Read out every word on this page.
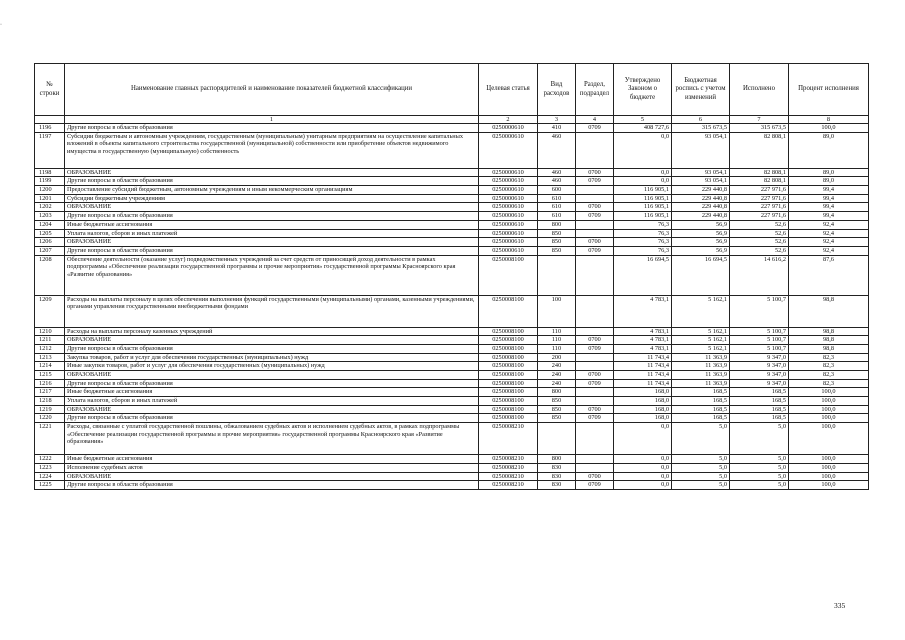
·
№ строки	Наименование главных распорядителей и наименование показателей бюджетной классификации	Целевая статья	Вид расходов	Раздел, подраздел	Утверждено Законом о бюджете	Бюджетная роспись с учетом изменений	Исполнено	Процент исполнения
	1	2	3	4	5	6	7	8
1196	Другие вопросы в области образования	0250000610	410	0709	408 727,6	315 673,5	315 673,5	100,0
1197	Субсидии бюджетным и автономным учреждениям, государственным (муниципальным) унитарным предприятиям на осуществление капитальных вложений в объекты капитального строительства государственной (муниципальной) собственности или приобретение объектов недвижимого имущества в государственную (муниципальную) собственность	0250000610	460		0,0	93 054,1	82 808,1	89,0
1198	ОБРАЗОВАНИЕ	0250000610	460	0700	0,0	93 054,1	82 808,1	89,0
1199	Другие вопросы в области образования	0250000610	460	0709	0,0	93 054,1	82 808,1	89,0
1200	Предоставление субсидий бюджетным, автономным учреждениям и иным некоммерческим организациям	0250000610	600		116 905,1	229 440,8	227 971,6	99,4
1201	Субсидии бюджетным учреждениям	0250000610	610		116 905,1	229 440,8	227 971,6	99,4
1202	ОБРАЗОВАНИЕ	0250000610	610	0700	116 905,1	229 440,8	227 971,6	99,4
1203	Другие вопросы в области образования	0250000610	610	0709	116 905,1	229 440,8	227 971,6	99,4
1204	Иные бюджетные ассигнования	0250000610	800		76,3	56,9	52,6	92,4
1205	Уплата налогов, сборов и иных платежей	0250000610	850		76,3	56,9	52,6	92,4
1206	ОБРАЗОВАНИЕ	0250000610	850	0700	76,3	56,9	52,6	92,4
1207	Другие вопросы в области образования	0250000610	850	0709	76,3	56,9	52,6	92,4
1208	Обеспечение деятельности (оказание услуг) подведомственных учреждений за счет средств от приносящей доход деятельности в рамках подпрограммы «Обеспечение реализации государственной программы и прочие мероприятия» государственной программы Красноярского края «Развитие образования»	0250008100			16 694,5	16 694,5	14 616,2	87,6
1209	Расходы на выплаты персоналу в целях обеспечения выполнения функций государственными (муниципальными) органами, казенными учреждениями, органами управления государственными внебюджетными фондами	0250008100	100		4 783,1	5 162,1	5 100,7	98,8
1210	Расходы на выплаты персоналу казенных учреждений	0250008100	110		4 783,1	5 162,1	5 100,7	98,8
1211	ОБРАЗОВАНИЕ	0250008100	110	0700	4 783,1	5 162,1	5 100,7	98,8
1212	Другие вопросы в области образования	0250008100	110	0709	4 783,1	5 162,1	5 100,7	98,8
1213	Закупка товаров, работ и услуг для обеспечения государственных (муниципальных) нужд	0250008100	200		11 743,4	11 363,9	9 347,0	82,3
1214	Иные закупки товаров, работ и услуг для обеспечения государственных (муниципальных) нужд	0250008100	240		11 743,4	11 363,9	9 347,0	82,3
1215	ОБРАЗОВАНИЕ	0250008100	240	0700	11 743,4	11 363,9	9 347,0	82,3
1216	Другие вопросы в области образования	0250008100	240	0709	11 743,4	11 363,9	9 347,0	82,3
1217	Иные бюджетные ассигнования	0250008100	800		168,0	168,5	168,5	100,0
1218	Уплата налогов, сборов и иных платежей	0250008100	850		168,0	168,5	168,5	100,0
1219	ОБРАЗОВАНИЕ	0250008100	850	0700	168,0	168,5	168,5	100,0
1220	Другие вопросы в области образования	0250008100	850	0709	168,0	168,5	168,5	100,0
1221	Расходы, связанные с уплатой государственной пошлины, обжалованием судебных актов и исполнением судебных актов, в рамках подпрограммы «Обеспечение реализации государственной программы и прочие мероприятия» государственной программы Красноярского края «Развитие образования»	0250008210			0,0	5,0	5,0	100,0
1222	Иные бюджетные ассигнования	0250008210	800		0,0	5,0	5,0	100,0
1223	Исполнение судебных актов	0250008210	830		0,0	5,0	5,0	100,0
1224	ОБРАЗОВАНИЕ	0250008210	830	0700	0,0	5,0	5,0	100,0
1225	Другие вопросы в области образования	0250008210	830	0709	0,0	5,0	5,0	100,0
335
